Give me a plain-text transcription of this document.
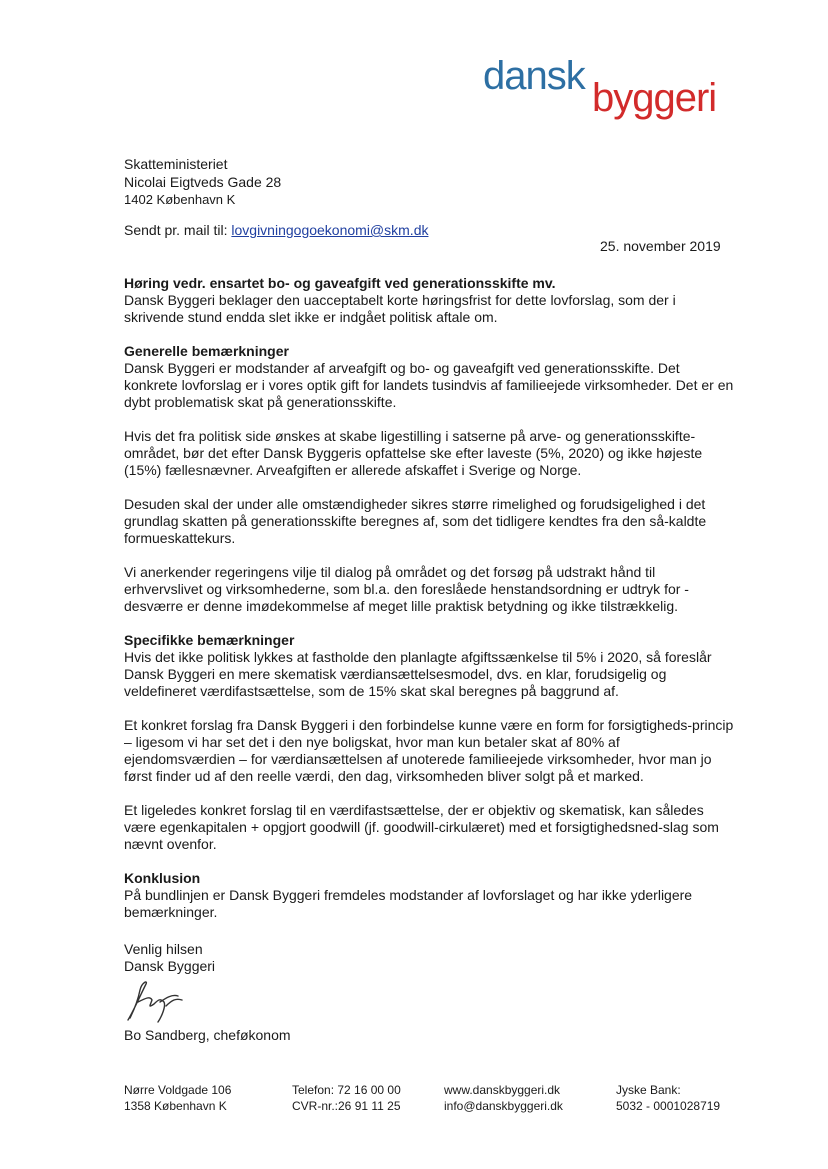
dansk byggeri
Skatteministeriet
Nicolai Eigtveds Gade 28
1402 København K
Sendt pr. mail til: lovgivningogoekonomi@skm.dk
25. november 2019
Høring vedr. ensartet bo- og gaveafgift ved generationsskifte mv.

Dansk Byggeri beklager den uacceptabelt korte høringsfrist for dette lovforslag, som der i skrivende stund endda slet ikke er indgået politisk aftale om.

Generelle bemærkninger

Dansk Byggeri er modstander af arveafgift og bo- og gaveafgift ved generationsskifte. Det konkrete lovforslag er i vores optik gift for landets tusindvis af familieejede virksomheder. Det er en dybt problematisk skat på generationsskifte.

Hvis det fra politisk side ønskes at skabe ligestilling i satserne på arve- og generationsskifte-området, bør det efter Dansk Byggeris opfattelse ske efter laveste (5%, 2020) og ikke højeste (15%) fællesnævner. Arveafgiften er allerede afskaffet i Sverige og Norge.

Desuden skal der under alle omstændigheder sikres større rimelighed og forudsigelighed i det grundlag skatten på generationsskifte beregnes af, som det tidligere kendtes fra den så-kaldte formueskattekurs.

Vi anerkender regeringens vilje til dialog på området og det forsøg på udstrakt hånd til erhvervslivet og virksomhederne, som bl.a. den foreslåede henstandsordning er udtryk for - desværre er denne imødekommelse af meget lille praktisk betydning og ikke tilstrækkelig.

Specifikke bemærkninger

Hvis det ikke politisk lykkes at fastholde den planlagte afgiftssænkelse til 5% i 2020, så foreslår Dansk Byggeri en mere skematisk værdiansættelsesmodel, dvs. en klar, forudsigelig og veldefineret værdifastsættelse, som de 15% skat skal beregnes på baggrund af.

Et konkret forslag fra Dansk Byggeri i den forbindelse kunne være en form for forsigtigheds-princip – ligesom vi har set det i den nye boligskat, hvor man kun betaler skat af 80% af ejendomsværdien – for værdiansættelsen af unoterede familieejede virksomheder, hvor man jo først finder ud af den reelle værdi, den dag, virksomheden bliver solgt på et marked.

Et ligeledes konkret forslag til en værdifastsættelse, der er objektiv og skematisk, kan således være egenkapitalen + opgjort goodwill (jf. goodwill-cirkulæret) med et forsigtighedsned-slag som nævnt ovenfor.

Konklusion

På bundlinjen er Dansk Byggeri fremdeles modstander af lovforslaget og har ikke yderligere bemærkninger.

Venlig hilsen
Dansk Byggeri
Bo Sandberg, cheføkonom
Nørre Voldgade 106
1358 København K
Telefon: 72 16 00 00
CVR-nr.:26 91 11 25
www.danskbyggeri.dk
info@danskbyggeri.dk
Jyske Bank:
5032 - 0001028719
